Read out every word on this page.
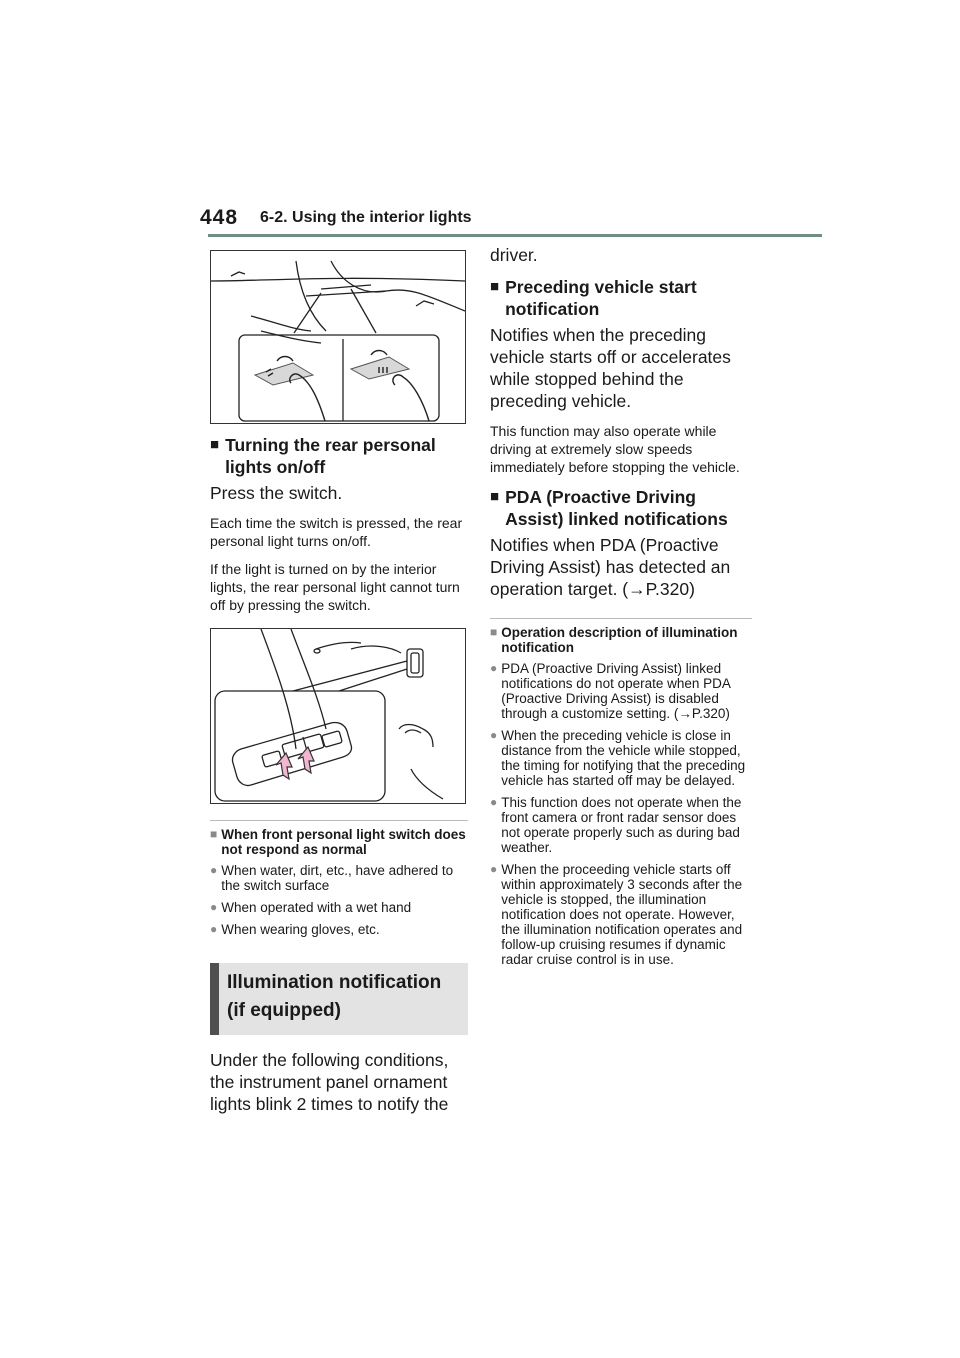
448 6-2. Using the interior lights
■ Turning the rear personal lights on/off
Press the switch.
Each time the switch is pressed, the rear personal light turns on/off.
If the light is turned on by the interior lights, the rear personal light cannot turn off by pressing the switch.
■ When front personal light switch does not respond as normal
● When water, dirt, etc., have adhered to the switch surface
● When operated with a wet hand
● When wearing gloves, etc.
Illumination notification (if equipped)
Under the following conditions, the instrument panel ornament lights blink 2 times to notify the
driver.
■ Preceding vehicle start notification
Notifies when the preceding vehicle starts off or accelerates while stopped behind the preceding vehicle.
This function may also operate while driving at extremely slow speeds immediately before stopping the vehicle.
■ PDA (Proactive Driving Assist) linked notifications
Notifies when PDA (Proactive Driving Assist) has detected an operation target. (→P.320)
■ Operation description of illumination notification
● PDA (Proactive Driving Assist) linked notifications do not operate when PDA (Proactive Driving Assist) is disabled through a customize setting. (→P.320)
● When the preceding vehicle is close in distance from the vehicle while stopped, the timing for notifying that the preceding vehicle has started off may be delayed.
● This function does not operate when the front camera or front radar sensor does not operate properly such as during bad weather.
● When the proceeding vehicle starts off within approximately 3 seconds after the vehicle is stopped, the illumination notification does not operate. However, the illumination notification operates and follow-up cruising resumes if dynamic radar cruise control is in use.
